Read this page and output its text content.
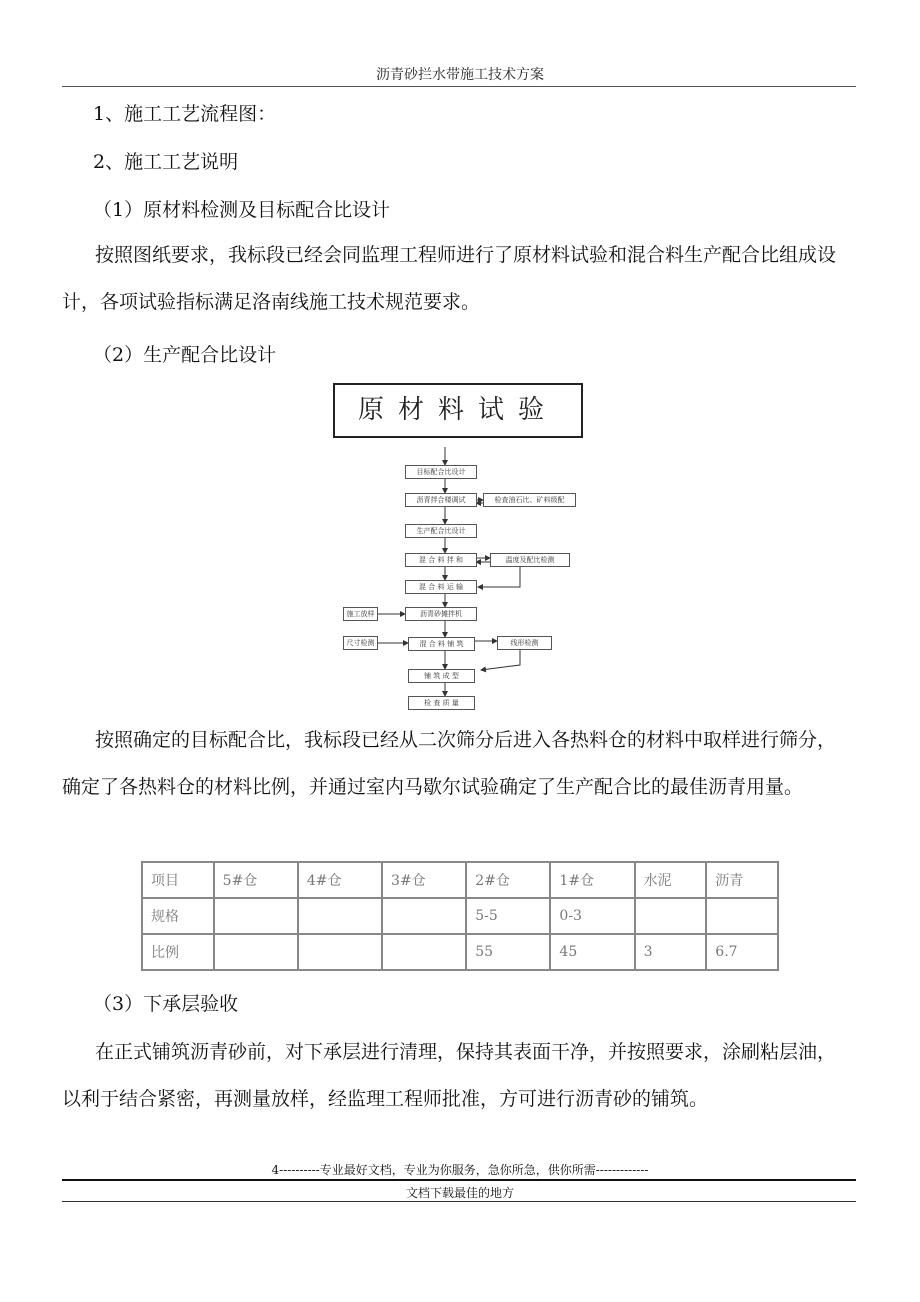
沥青砂拦水带施工技术方案

1、施工工艺流程图：

2、施工工艺说明

（1）原材料检测及目标配合比设计

按照图纸要求，我标段已经会同监理工程师进行了原材料试验和混合料生产配合比组成设计，各项试验指标满足洛南线施工技术规范要求。

（2）生产配合比设计

原材料试验
目标配合比设计
沥青拌合楼调试	检查油石比、矿料级配
生产配合比设计
混 合 料 拌 和	温度及配比检测
混 合 料 运 输
施工放样	沥青砂摊拌机
尺寸检测	混 合 料 铺 筑	线形检测
铺 筑 成 型
检 查 质 量

按照确定的目标配合比，我标段已经从二次筛分后进入各热料仓的材料中取样进行筛分，确定了各热料仓的材料比例，并通过室内马歇尔试验确定了生产配合比的最佳沥青用量。

项目	5#仓	4#仓	3#仓	2#仓	1#仓	水泥	沥青
规格				5-5	0-3		
比例				55	45	3	6.7

（3）下承层验收

在正式铺筑沥青砂前，对下承层进行清理，保持其表面干净，并按照要求，涂刷粘层油，以利于结合紧密，再测量放样，经监理工程师批准，方可进行沥青砂的铺筑。

4----------专业最好文档，专业为你服务，急你所急，供你所需-------------
文档下载最佳的地方
